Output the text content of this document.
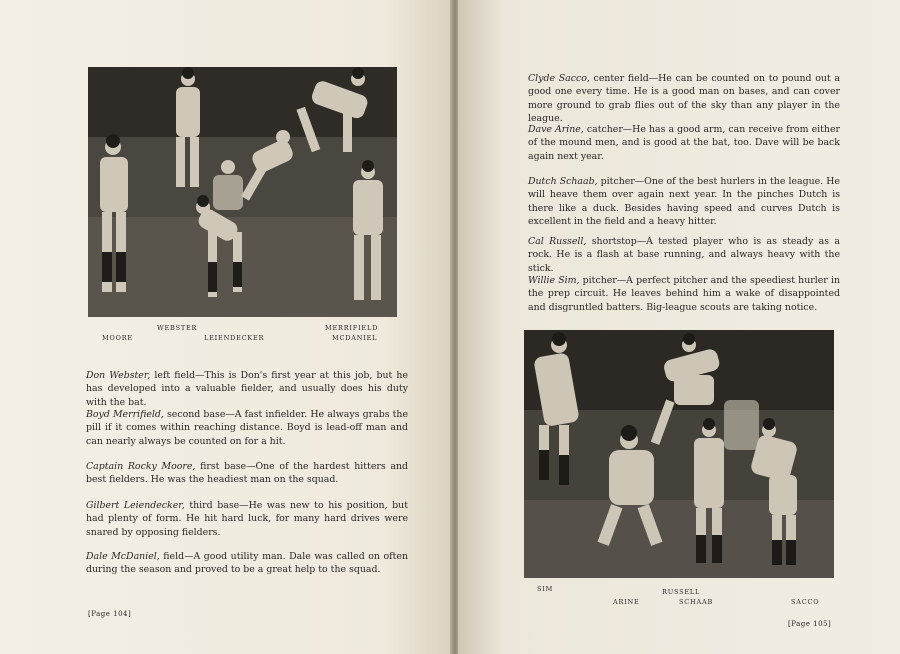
MOORE
WEBSTER
LEIENDECKER
MERRIFIELD
MCDANIEL
Don Webster, left field—This is Don's first year at this job, but he has developed into a valuable fielder, and usually does his duty with the bat.
Boyd Merrifield, second base—A fast infielder. He always grabs the pill if it comes within reaching distance. Boyd is lead-off man and can nearly always be counted on for a hit.
Captain Rocky Moore, first base—One of the hardest hitters and best fielders. He was the headiest man on the squad.
Gilbert Leiendecker, third base—He was new to his position, but had plenty of form. He hit hard luck, for many hard drives were snared by opposing fielders.
Dale McDaniel, field—A good utility man. Dale was called on often during the season and proved to be a great help to the squad.
[Page 104]
Clyde Sacco, center field—He can be counted on to pound out a good one every time. He is a good man on bases, and can cover more ground to grab flies out of the sky than any player in the league.
Dave Arine, catcher—He has a good arm, can receive from either of the mound men, and is good at the bat, too. Dave will be back again next year.
Dutch Schaab, pitcher—One of the best hurlers in the league. He will heave them over again next year. In the pinches Dutch is there like a duck. Besides having speed and curves Dutch is excellent in the field and a heavy hitter.
Cal Russell, shortstop—A tested player who is as steady as a rock. He is a flash at base running, and always heavy with the stick.
Willie Sim, pitcher—A perfect pitcher and the speediest hurler in the prep circuit. He leaves behind him a wake of disappointed and disgruntled batters. Big-league scouts are taking notice.
SIM
ARINE
RUSSELL
SCHAAB	SACCO
[Page 105]
